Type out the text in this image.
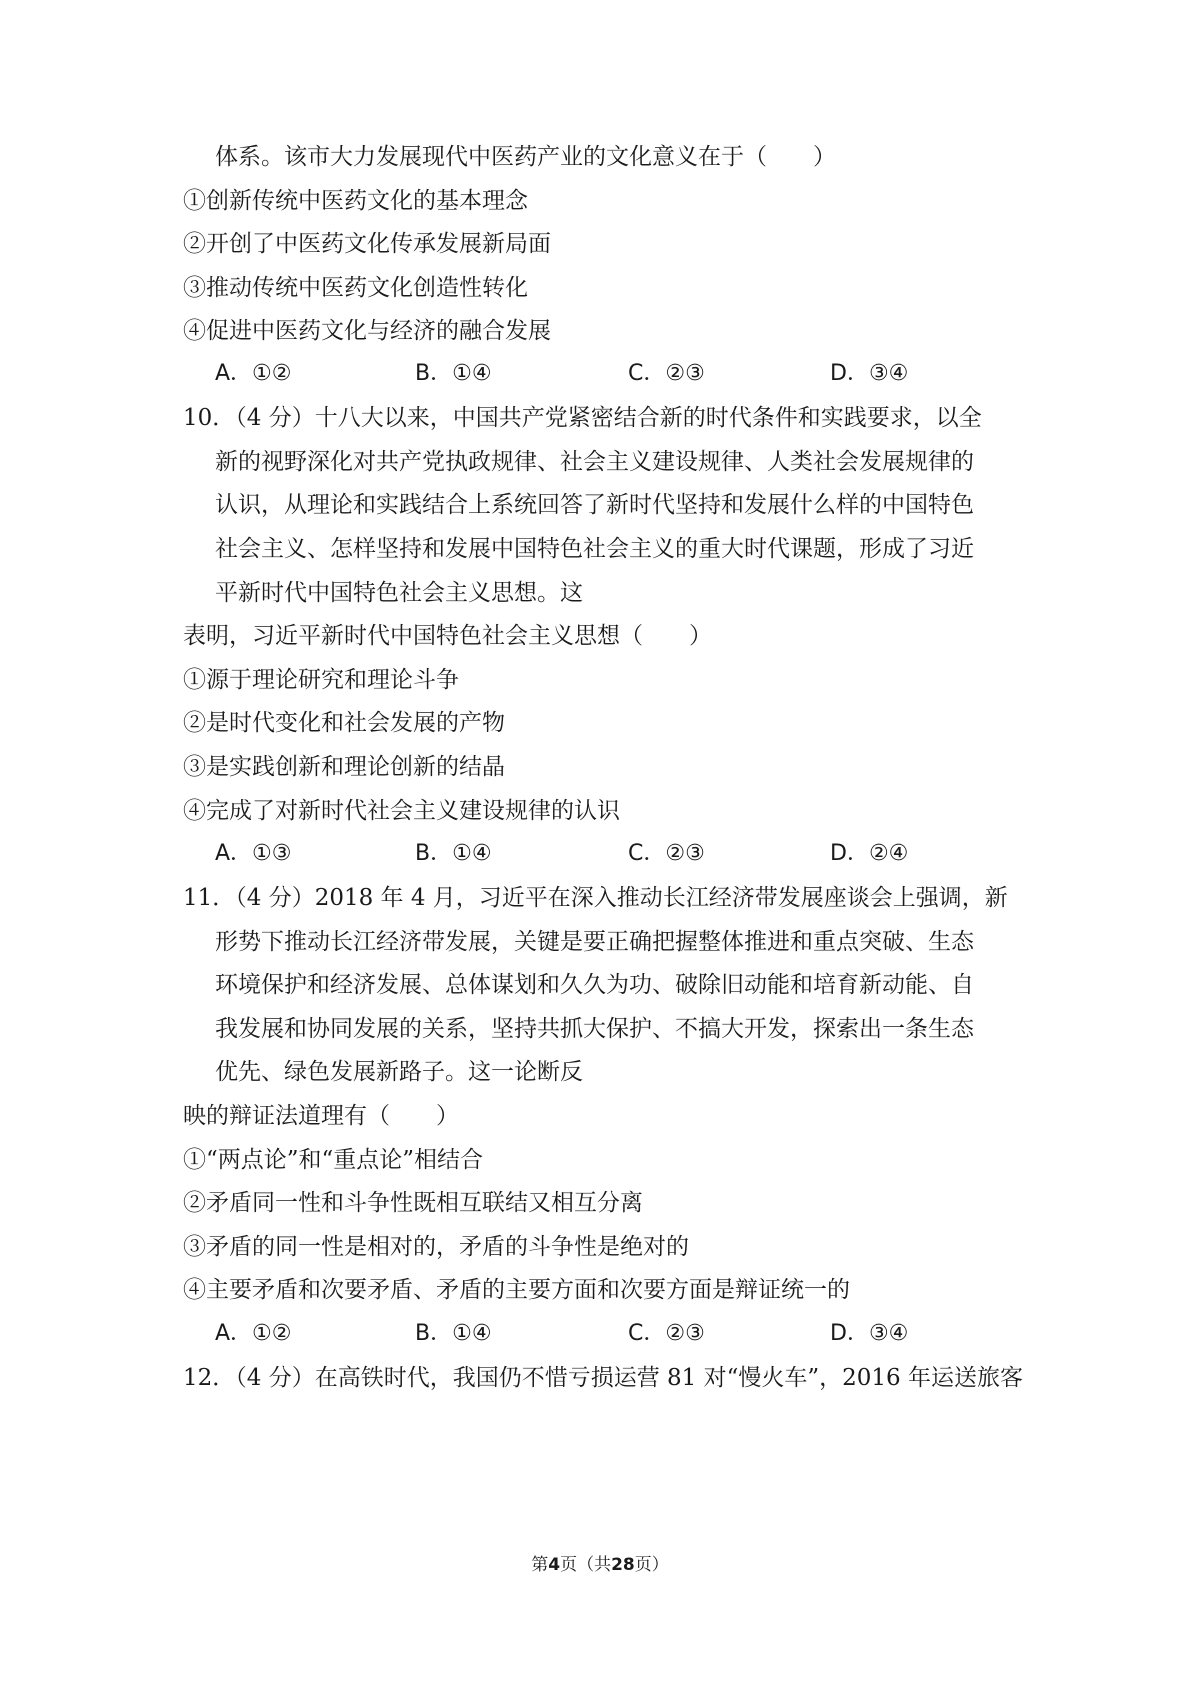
体系。该市大力发展现代中医药产业的文化意义在于（　　）
①创新传统中医药文化的基本理念
②开创了中医药文化传承发展新局面
③推动传统中医药文化创造性转化
④促进中医药文化与经济的融合发展
A．①②	B．①④	C．②③	D．③④
10．（4 分）十八大以来，中国共产党紧密结合新的时代条件和实践要求，以全
新的视野深化对共产党执政规律、社会主义建设规律、人类社会发展规律的
认识，从理论和实践结合上系统回答了新时代坚持和发展什么样的中国特色
社会主义、怎样坚持和发展中国特色社会主义的重大时代课题，形成了习近
平新时代中国特色社会主义思想。这
表明，习近平新时代中国特色社会主义思想（　　）
①源于理论研究和理论斗争
②是时代变化和社会发展的产物
③是实践创新和理论创新的结晶
④完成了对新时代社会主义建设规律的认识
A．①③	B．①④	C．②③	D．②④
11．（4 分）2018 年 4 月，习近平在深入推动长江经济带发展座谈会上强调，新
形势下推动长江经济带发展，关键是要正确把握整体推进和重点突破、生态
环境保护和经济发展、总体谋划和久久为功、破除旧动能和培育新动能、自
我发展和协同发展的关系，坚持共抓大保护、不搞大开发，探索出一条生态
优先、绿色发展新路子。这一论断反
映的辩证法道理有（　　）
①“两点论”和“重点论”相结合
②矛盾同一性和斗争性既相互联结又相互分离
③矛盾的同一性是相对的，矛盾的斗争性是绝对的
④主要矛盾和次要矛盾、矛盾的主要方面和次要方面是辩证统一的
A．①②	B．①④	C．②③	D．③④
12．（4 分）在高铁时代，我国仍不惜亏损运营 81 对“慢火车”，2016 年运送旅客
第4页（共28页）
